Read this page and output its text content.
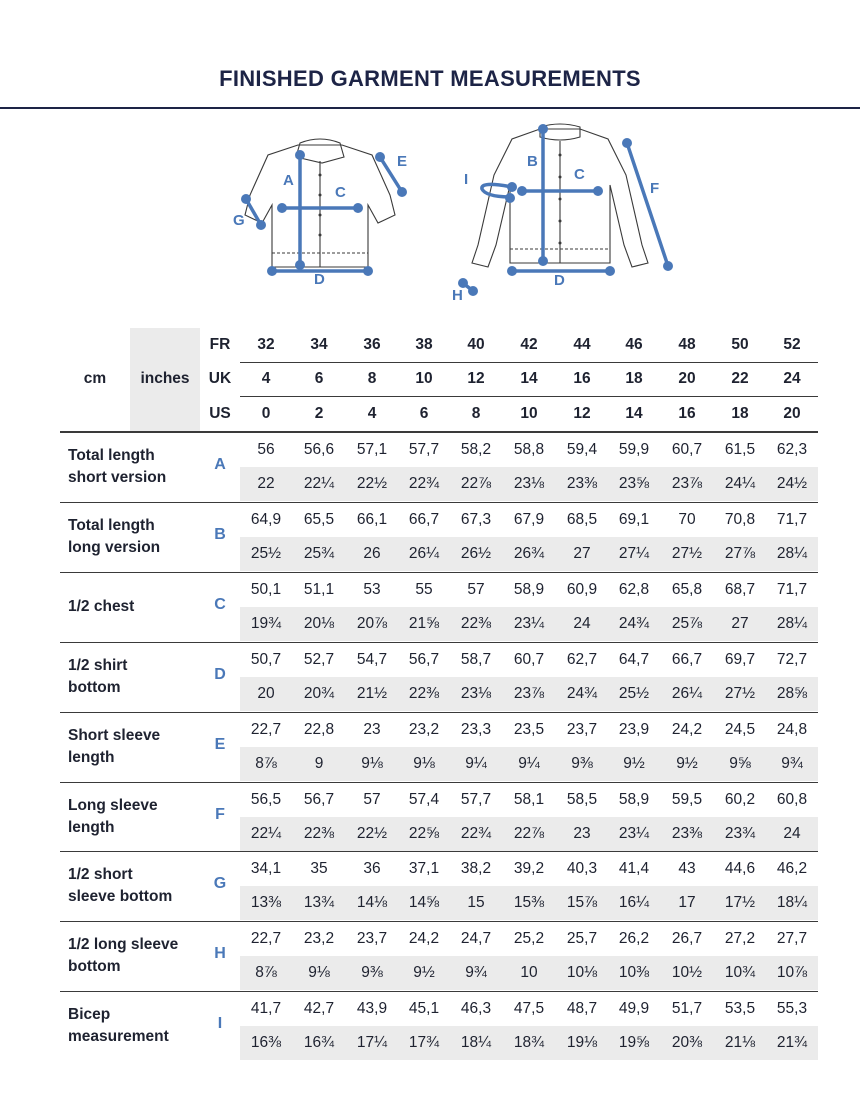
FINISHED GARMENT MEASUREMENTS
A
C
E
G
D
B
C
I
F
D
H
cm	inches
FR	32	34	36	38	40	42	44	46	48	50	52
UK	4	6	8	10	12	14	16	18	20	22	24
US	0	2	4	6	8	10	12	14	16	18	20
Total length
short version
A
56	56,6	57,1	57,7	58,2	58,8	59,4	59,9	60,7	61,5	62,3
22	22¼	22½	22¾	22⅞	23⅛	23⅜	23⅝	23⅞	24¼	24½
Total length
long version
B
64,9	65,5	66,1	66,7	67,3	67,9	68,5	69,1	70	70,8	71,7
25½	25¾	26	26¼	26½	26¾	27	27¼	27½	27⅞	28¼
1/2 chest	C
50,1	51,1	53	55	57	58,9	60,9	62,8	65,8	68,7	71,7
19¾	20⅛	20⅞	21⅝	22⅜	23¼	24	24¾	25⅞	27	28¼
1/2 shirt
bottom
D
50,7	52,7	54,7	56,7	58,7	60,7	62,7	64,7	66,7	69,7	72,7
20	20¾	21½	22⅜	23⅛	23⅞	24¾	25½	26¼	27½	28⅝
Short sleeve
length
E
22,7	22,8	23	23,2	23,3	23,5	23,7	23,9	24,2	24,5	24,8
8⅞	9	9⅛	9⅛	9¼	9¼	9⅜	9½	9½	9⅝	9¾
Long sleeve
length
F
56,5	56,7	57	57,4	57,7	58,1	58,5	58,9	59,5	60,2	60,8
22¼	22⅜	22½	22⅝	22¾	22⅞	23	23¼	23⅜	23¾	24
1/2 short
sleeve bottom
G
34,1	35	36	37,1	38,2	39,2	40,3	41,4	43	44,6	46,2
13⅜	13¾	14⅛	14⅝	15	15⅜	15⅞	16¼	17	17½	18¼
1/2 long sleeve
bottom
H
22,7	23,2	23,7	24,2	24,7	25,2	25,7	26,2	26,7	27,2	27,7
8⅞	9⅛	9⅜	9½	9¾	10	10⅛	10⅜	10½	10¾	10⅞
Bicep
measurement
I
41,7	42,7	43,9	45,1	46,3	47,5	48,7	49,9	51,7	53,5	55,3
16⅜	16¾	17¼	17¾	18¼	18¾	19⅛	19⅝	20⅜	21⅛	21¾
